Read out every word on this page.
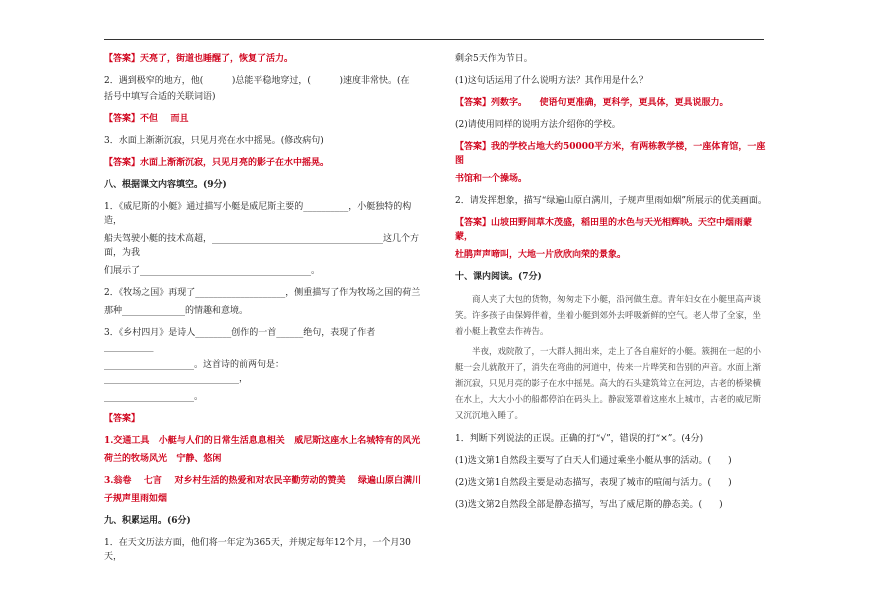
【答案】天亮了，街道也睡醒了，恢复了活力。

2．遇到极窄的地方，他(          )总能平稳地穿过，(          )速度非常快。(在

括号中填写合适的关联词语)

【答案】不但    而且

3．水面上渐渐沉寂，只见月亮在水中摇晃。(修改病句)

【答案】水面上渐渐沉寂，只见月亮的影子在水中摇晃。

八、根据课文内容填空。(9分)

1．《威尼斯的小艇》通过描写小艇是威尼斯主要的__________，小艇独特的构造，

船夫驾驶小艇的技术高超，______________________________________这几个方面，为我

们展示了______________________________________。

2．《牧场之国》再现了____________________，侧重描写了作为牧场之国的荷兰

那种______________的情趣和意境。

3．《乡村四月》是诗人________创作的一首______绝句，表现了作者___________

____________________。这首诗的前两句是：______________________________，

____________________。

【答案】

1.交通工具   小艇与人们的日常生活息息相关   威尼斯这座水上名城特有的风光

荷兰的牧场风光   宁静、悠闲

3.翁卷    七言    对乡村生活的热爱和对农民辛勤劳动的赞美    绿遍山原白满川

子规声里雨如烟

九、积累运用。(6分)

1．在天文历法方面，他们将一年定为365天，并规定每年12个月，一个月30天，

剩余5天作为节日。

(1)这句话运用了什么说明方法？其作用是什么？

【答案】列数字。    使语句更准确，更科学，更具体，更具说服力。

(2)请使用同样的说明方法介绍你的学校。

【答案】我的学校占地大约50000平方米，有两栋教学楼，一座体育馆，一座图

书馆和一个操场。

2．请发挥想象，描写“绿遍山原白满川，子规声里雨如烟”所展示的优美画面。

【答案】山坡田野间草木茂盛，稻田里的水色与天光相辉映。天空中烟雨蒙蒙，

杜鹃声声啼叫，大地一片欣欣向荣的景象。

十、课内阅读。(7分)

商人夹了大包的货物，匆匆走下小艇，沿河做生意。青年妇女在小艇里高声谈笑。许多孩子由保姆伴着，坐着小艇到郊外去呼吸新鲜的空气。老人带了全家，坐着小艇上教堂去作祷告。

半夜，戏院散了，一大群人拥出来，走上了各自雇好的小艇。簇拥在一起的小艇一会儿就散开了，消失在弯曲的河道中，传来一片哗笑和告别的声音。水面上渐渐沉寂，只见月亮的影子在水中摇晃。高大的石头建筑耸立在河边，古老的桥梁横在水上，大大小小的船都停泊在码头上。静寂笼罩着这座水上城市，古老的威尼斯又沉沉地入睡了。

1．判断下列说法的正误。正确的打“√”，错误的打“×”。(4分)

(1)选文第1自然段主要写了白天人们通过乘坐小艇从事的活动。(      )

(2)选文第1自然段主要是动态描写，表现了城市的喧闹与活力。(      )

(3)选文第2自然段全部是静态描写，写出了威尼斯的静态美。(      )
